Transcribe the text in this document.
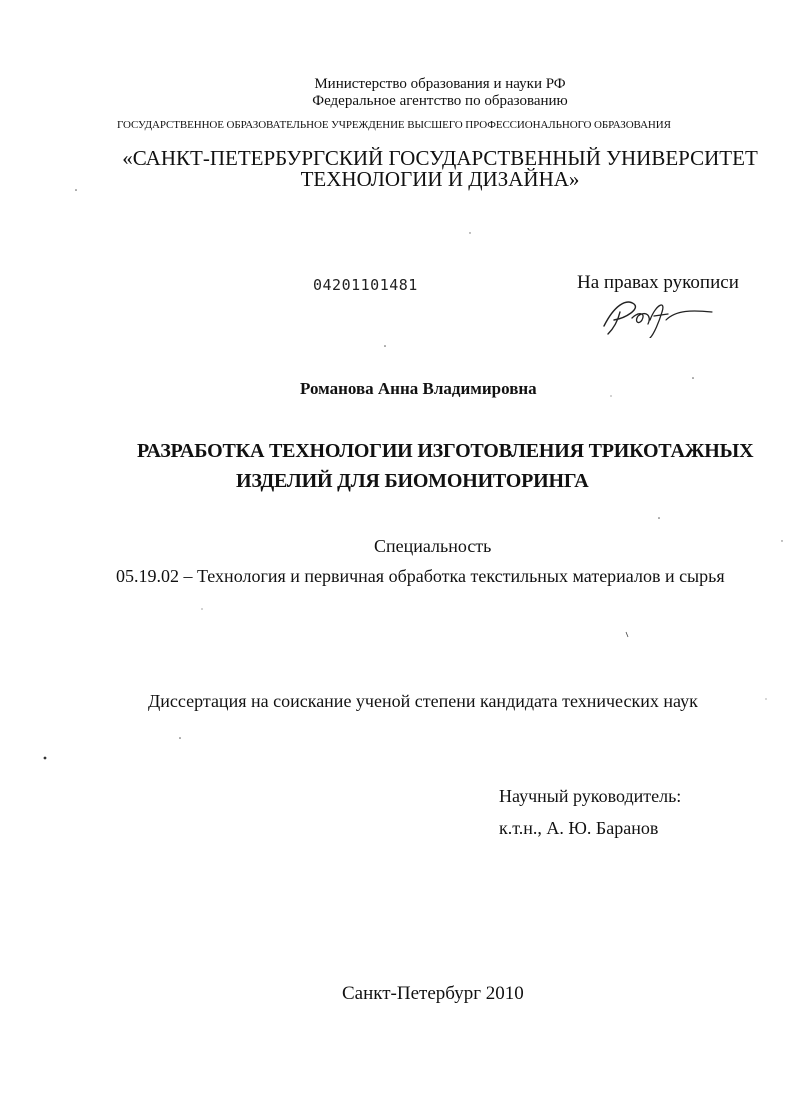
Министерство образования и науки РФ

Федеральное агентство по образованию

ГОСУДАРСТВЕННОЕ ОБРАЗОВАТЕЛЬНОЕ УЧРЕЖДЕНИЕ ВЫСШЕГО ПРОФЕССИОНАЛЬНОГО ОБРАЗОВАНИЯ

«САНКТ-ПЕТЕРБУРГСКИЙ ГОСУДАРСТВЕННЫЙ УНИВЕРСИТЕТ

ТЕХНОЛОГИИ И ДИЗАЙНА»

04201101481	На правах рукописи

Романова Анна Владимировна

РАЗРАБОТКА ТЕХНОЛОГИИ ИЗГОТОВЛЕНИЯ ТРИКОТАЖНЫХ

ИЗДЕЛИЙ ДЛЯ БИОМОНИТОРИНГА

Специальность

05.19.02 – Технология и первичная обработка текстильных материалов и сырья

Диссертация на соискание ученой степени кандидата технических наук

Научный руководитель:

к.т.н., А. Ю. Баранов

Санкт-Петербург 2010
